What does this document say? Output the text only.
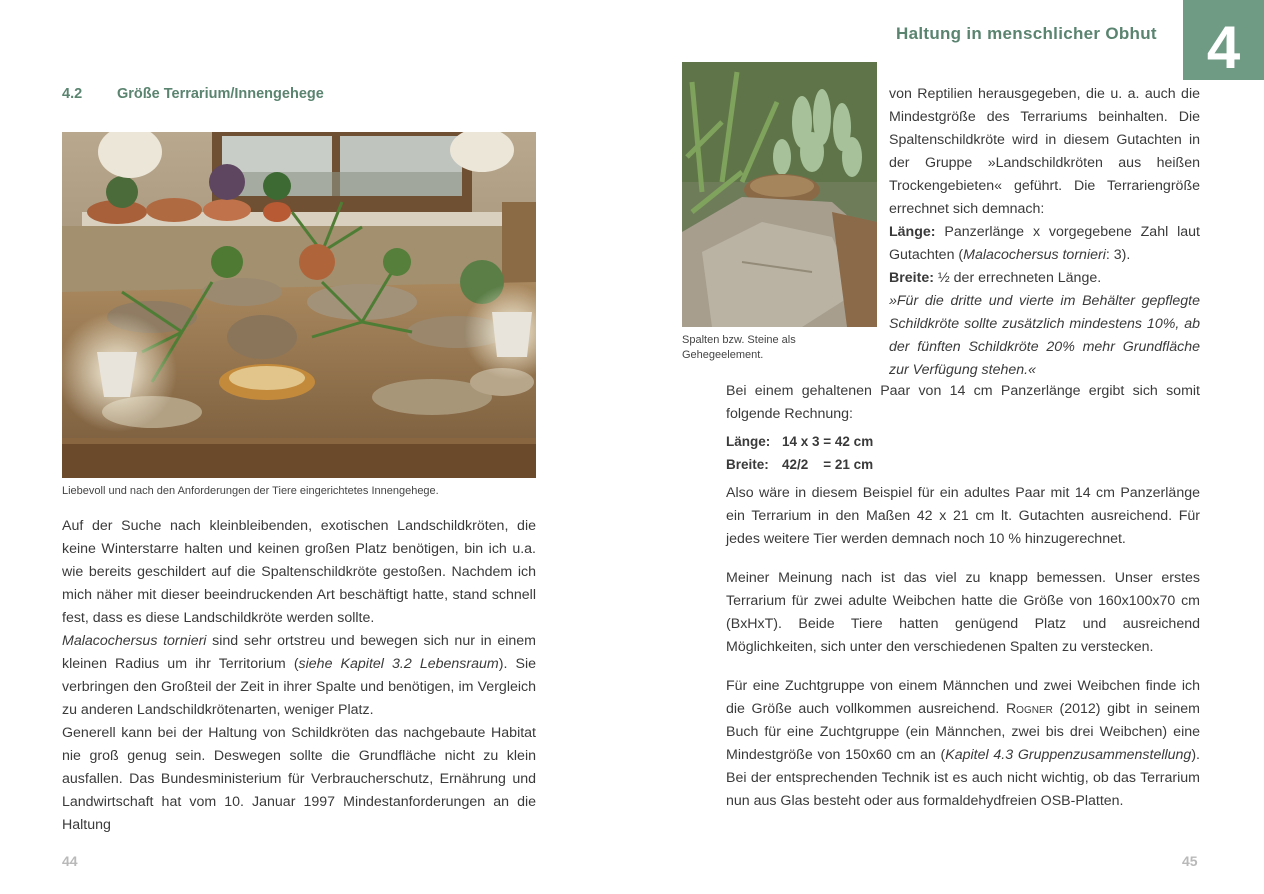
4.2 Größe Terrarium/Innengehege
Liebevoll und nach den Anforderungen der Tiere eingerichtetes Innengehege.

Auf der Suche nach kleinbleibenden, exotischen Landschildkröten, die keine Winterstarre halten und keinen großen Platz benötigen, bin ich u.a. wie bereits geschildert auf die Spaltenschildkröte gestoßen. Nachdem ich mich näher mit dieser beeindruckenden Art beschäftigt hatte, stand schnell fest, dass es diese Landschildkröte werden sollte.

Malacochersus tornieri sind sehr ortstreu und bewegen sich nur in einem kleinen Radius um ihr Territorium (siehe Kapitel 3.2 Lebensraum). Sie verbringen den Großteil der Zeit in ihrer Spalte und benötigen, im Vergleich zu anderen Landschildkrötenarten, weniger Platz.

Generell kann bei der Haltung von Schildkröten das nachgebaute Habitat nie groß genug sein. Deswegen sollte die Grundfläche nicht zu klein ausfallen. Das Bundesministerium für Verbraucherschutz, Ernährung und Landwirtschaft hat vom 10. Januar 1997 Mindestanforderungen an die Haltung

44
Haltung in menschlicher Obhut 4
Spalten bzw. Steine als Gehegeelement.

von Reptilien herausgegeben, die u. a. auch die Mindestgröße des Terrariums beinhalten. Die Spaltenschildkröte wird in diesem Gutachten in der Gruppe »Landschildkröten aus heißen Trockengebieten« geführt. Die Terrariengröße errechnet sich demnach:

Länge: Panzerlänge x vorgegebene Zahl laut Gutachten (Malacochersus tornieri: 3).

Breite: ½ der errechneten Länge.

»Für die dritte und vierte im Behälter gepflegte Schildkröte sollte zusätzlich mindestens 10%, ab der fünften Schildkröte 20% mehr Grundfläche zur Verfügung stehen.«

Bei einem gehaltenen Paar von 14 cm Panzerlänge ergibt sich somit folgende Rechnung:

Länge: 14 x 3 = 42 cm
Breite: 42/2    = 21 cm

Also wäre in diesem Beispiel für ein adultes Paar mit 14 cm Panzerlänge ein Terrarium in den Maßen 42 x 21 cm lt. Gutachten ausreichend. Für jedes weitere Tier werden demnach noch 10 % hinzugerechnet.

Meiner Meinung nach ist das viel zu knapp bemessen. Unser erstes Terrarium für zwei adulte Weibchen hatte die Größe von 160x100x70 cm (BxHxT). Beide Tiere hatten genügend Platz und ausreichend Möglichkeiten, sich unter den verschiedenen Spalten zu verstecken.

Für eine Zuchtgruppe von einem Männchen und zwei Weibchen finde ich die Größe auch vollkommen ausreichend. Rogner (2012) gibt in seinem Buch für eine Zuchtgruppe (ein Männchen, zwei bis drei Weibchen) eine Mindestgröße von 150x60 cm an (Kapitel 4.3 Gruppenzusammenstellung). Bei der entsprechenden Technik ist es auch nicht wichtig, ob das Terrarium nun aus Glas besteht oder aus formaldehydfreien OSB-Platten.

45
